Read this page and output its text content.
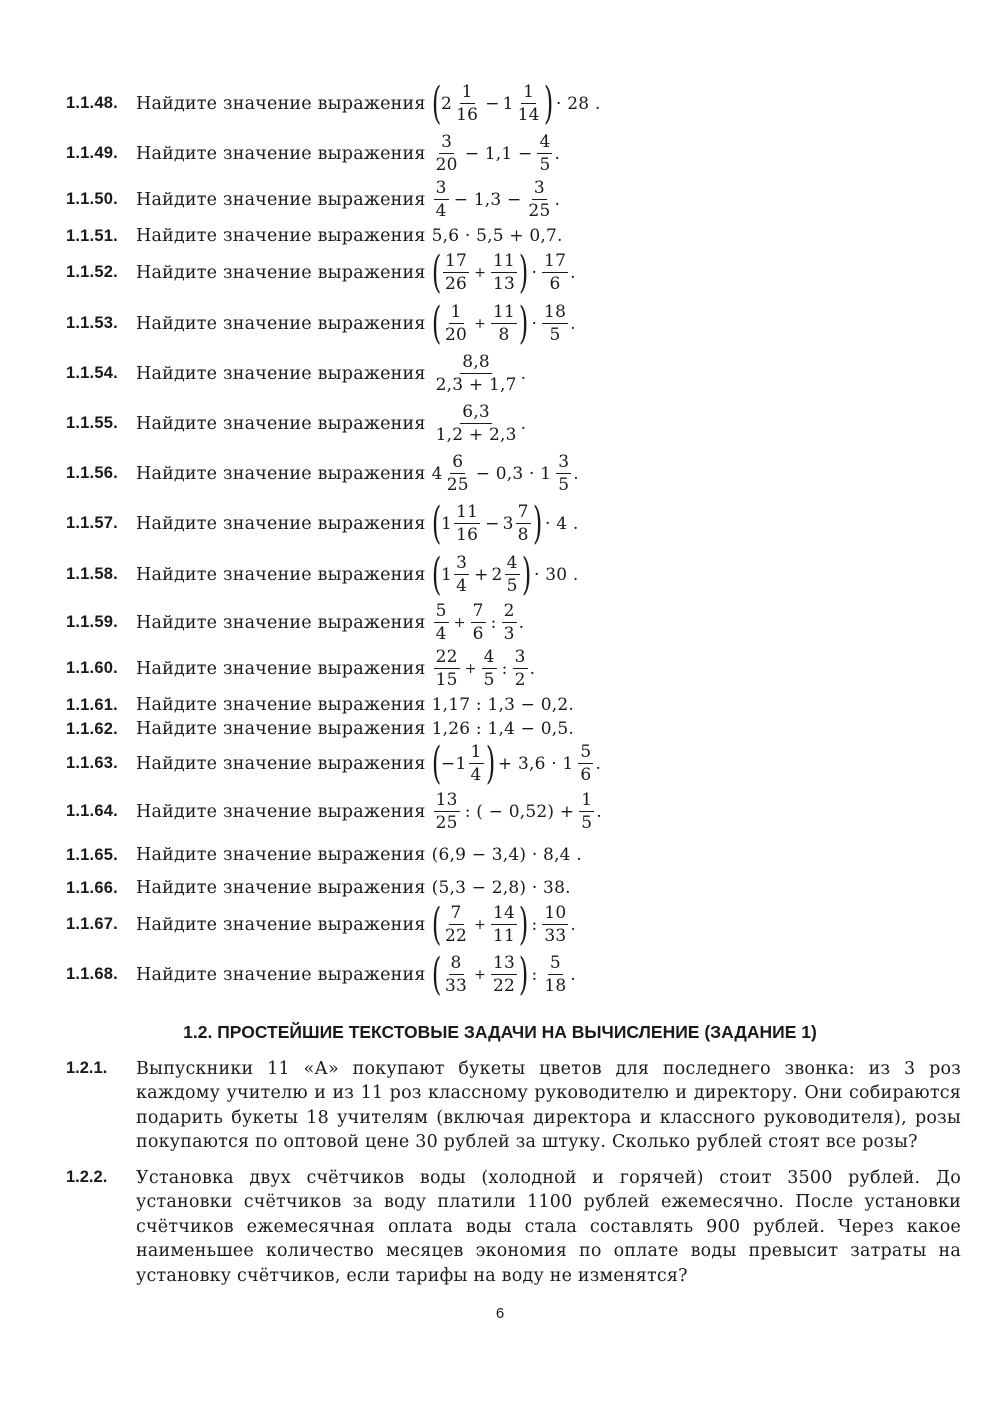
1.1.48.	Найдите значение выражения ( $2 \frac{1}{16} - 1 \frac{1}{14}$ ) · 28 .
1.1.49.	Найдите значение выражения $\frac{3}{20} - 1,1 - \frac{4}{5}$ .
1.1.50.	Найдите значение выражения $\frac{3}{4} - 1,3 - \frac{3}{25}$ .
1.1.51.	Найдите значение выражения 5,6 · 5,5 + 0,7.
1.1.52.	Найдите значение выражения ( $\frac{17}{26} + \frac{11}{13}$ ) · $\frac{17}{6}$ .
1.1.53.	Найдите значение выражения ( $\frac{1}{20} + \frac{11}{8}$ ) · $\frac{18}{5}$ .
1.1.54.	Найдите значение выражения $\frac{8,8}{2,3 + 1,7}$ .
1.1.55.	Найдите значение выражения $\frac{6,3}{1,2 + 2,3}$ .
1.1.56.	Найдите значение выражения $4 \frac{6}{25} - 0,3 \cdot 1 \frac{3}{5}$ .
1.1.57.	Найдите значение выражения ( $1 \frac{11}{16} - 3 \frac{7}{8}$ ) · 4 .
1.1.58.	Найдите значение выражения ( $1 \frac{3}{4} + 2 \frac{4}{5}$ ) · 30 .
1.1.59.	Найдите значение выражения $\frac{5}{4} + \frac{7}{6}$ : $\frac{2}{3}$ .
1.1.60.	Найдите значение выражения $\frac{22}{15} + \frac{4}{5}$ : $\frac{3}{2}$ .
1.1.61.	Найдите значение выражения 1,17 : 1,3 − 0,2.
1.1.62.	Найдите значение выражения 1,26 : 1,4 − 0,5.
1.1.63.	Найдите значение выражения ( $-1 \frac{1}{4}$ ) + $3,6 \cdot 1 \frac{5}{6}$ .
1.1.64.	Найдите значение выражения $\frac{13}{25}$ : ( − $0,52) + \frac{1}{5}$ .
1.1.65.	Найдите значение выражения (6,9 − 3,4) · 8,4 .
1.1.66.	Найдите значение выражения (5,3 − 2,8) · 38.
1.1.67.	Найдите значение выражения ( $\frac{7}{22} + \frac{14}{11}$ ) : $\frac{10}{33}$ .
1.1.68.	Найдите значение выражения ( $\frac{8}{33} + \frac{13}{22}$ ) : $\frac{5}{18}$ .
1.2. ПРОСТЕЙШИЕ ТЕКСТОВЫЕ ЗАДАЧИ НА ВЫЧИСЛЕНИЕ (ЗАДАНИЕ 1)
1.2.1.	Выпускники 11 «А» покупают букеты цветов для последнего звонка: из 3 роз каждому учителю и из 11 роз классному руководителю и директору. Они собираются подарить букеты 18 учителям (включая директора и классного руководителя), розы покупаются по оптовой цене 30 рублей за штуку. Сколько рублей стоят все розы?
1.2.2.	Установка двух счётчиков воды (холодной и горячей) стоит 3500 рублей. До установки счётчиков за воду платили 1100 рублей ежемесячно. После установки счётчиков ежемесячная оплата воды стала составлять 900 рублей. Через какое наименьшее количество месяцев экономия по оплате воды превысит затраты на установку счётчиков, если тарифы на воду не изменятся?
6
